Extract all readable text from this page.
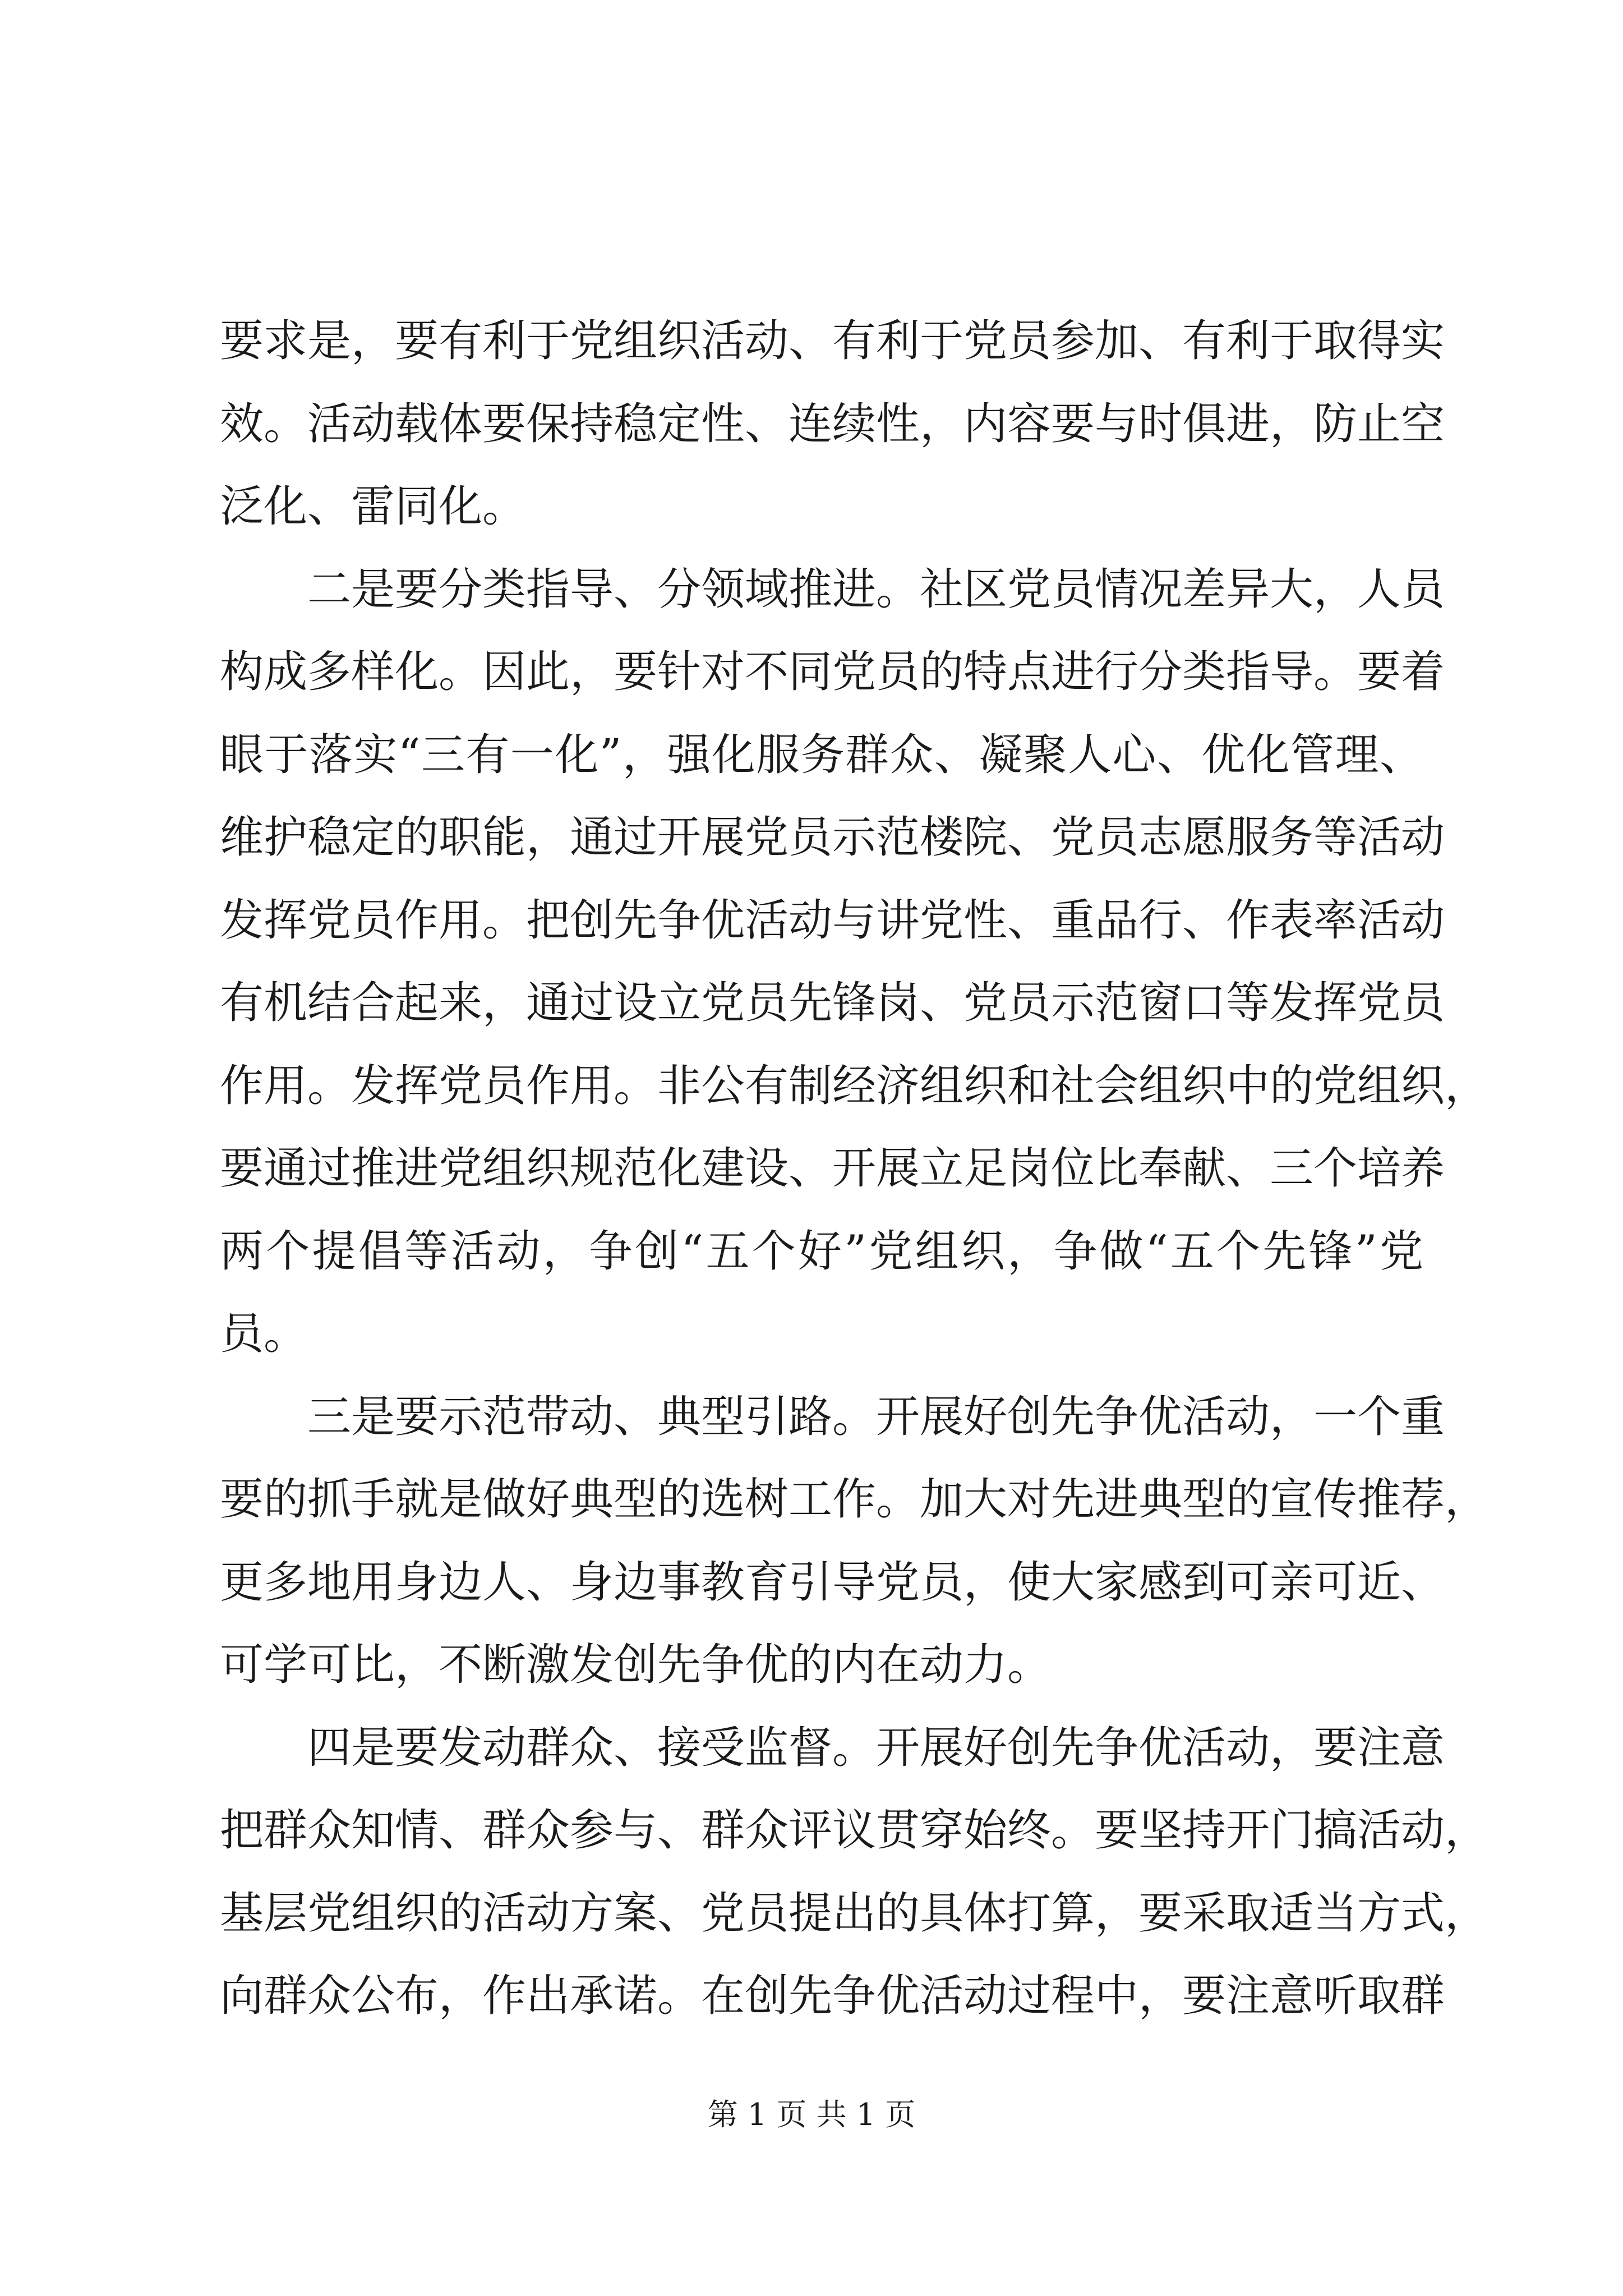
要求是，要有利于党组织活动、有利于党员参加、有利于取得实
效。活动载体要保持稳定性、连续性，内容要与时俱进，防止空
泛化、雷同化。
二是要分类指导、分领域推进。社区党员情况差异大，人员
构成多样化。因此，要针对不同党员的特点进行分类指导。要着
眼于落实“三有一化”，强化服务群众、凝聚人心、优化管理、
维护稳定的职能，通过开展党员示范楼院、党员志愿服务等活动
发挥党员作用。把创先争优活动与讲党性、重品行、作表率活动
有机结合起来，通过设立党员先锋岗、党员示范窗口等发挥党员
作用。发挥党员作用。非公有制经济组织和社会组织中的党组织，
要通过推进党组织规范化建设、开展立足岗位比奉献、三个培养
两个提倡等活动，争创“五个好”党组织，争做“五个先锋”党
员。
三是要示范带动、典型引路。开展好创先争优活动，一个重
要的抓手就是做好典型的选树工作。加大对先进典型的宣传推荐，
更多地用身边人、身边事教育引导党员，使大家感到可亲可近、
可学可比，不断激发创先争优的内在动力。
四是要发动群众、接受监督。开展好创先争优活动，要注意
把群众知情、群众参与、群众评议贯穿始终。要坚持开门搞活动，
基层党组织的活动方案、党员提出的具体打算，要采取适当方式，
向群众公布，作出承诺。在创先争优活动过程中，要注意听取群
第 1 页 共 1 页
